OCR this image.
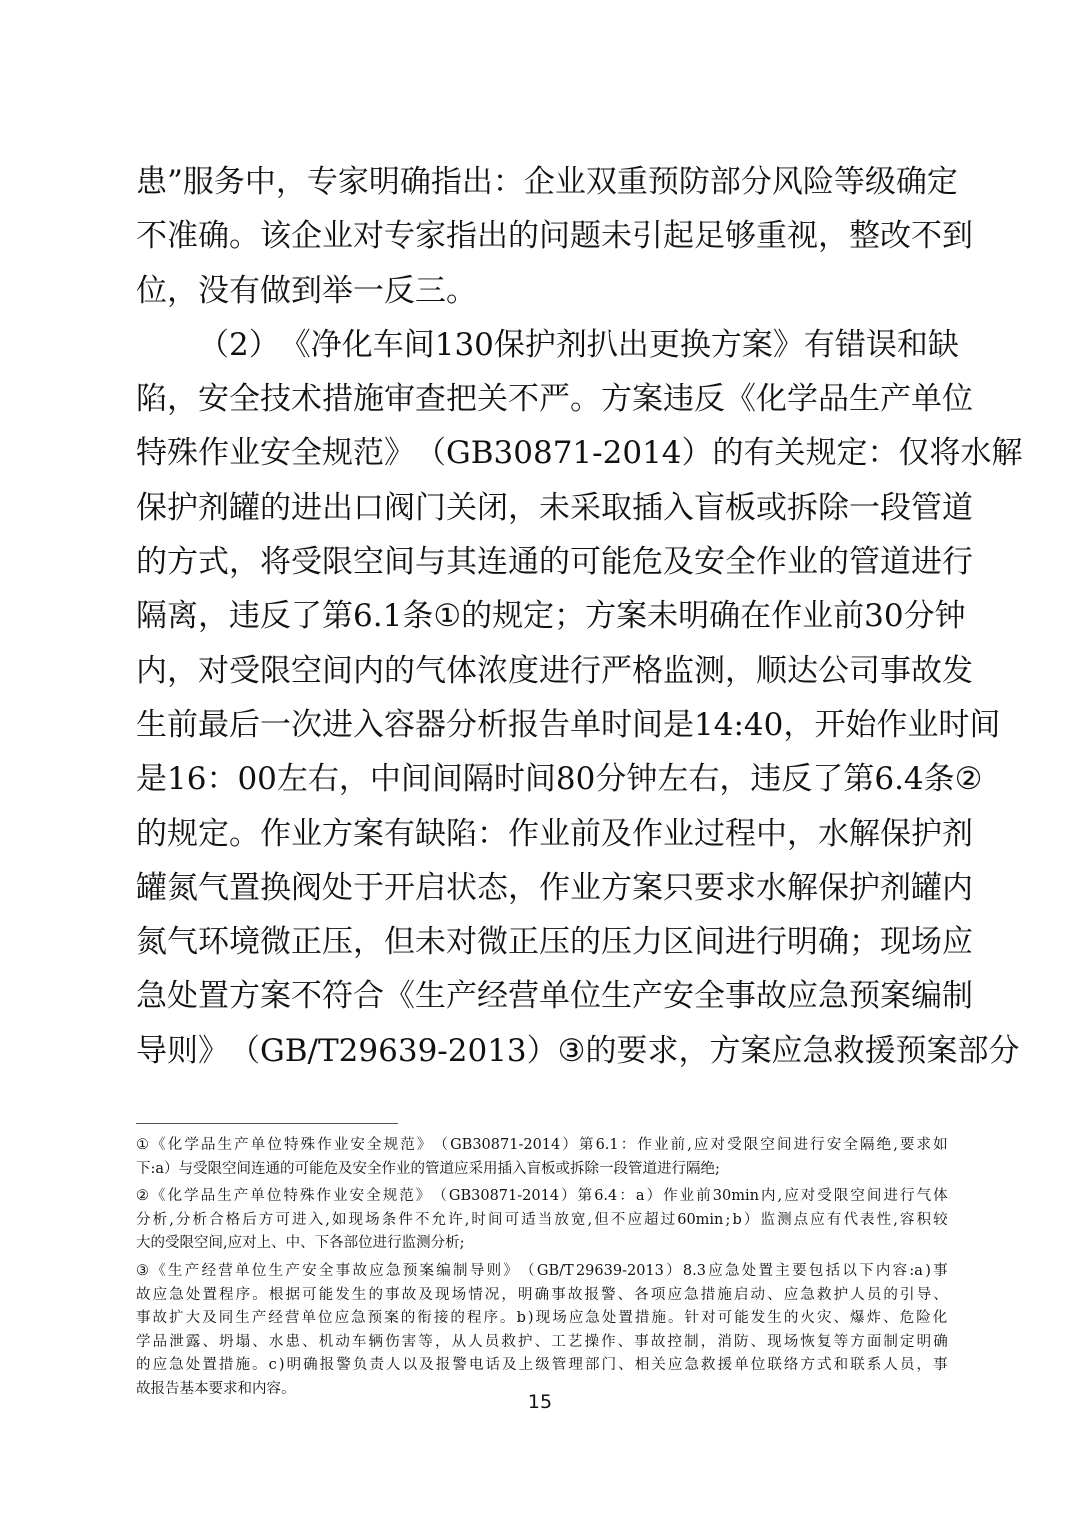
患 ” 服 务 中 ， 专 家 明 确 指 出 ： 企 业 双 重 预 防 部 分 风 险 等 级 确 定
不 准 确 。 该 企 业 对 专 家 指 出 的 问 题 未 引 起 足 够 重 视 ， 整 改 不 到
位，没有做到举一反三。
（ 2 ） 《 净 化 车 间 130 保 护 剂 扒 出 更 换 方 案 》 有 错 误 和 缺
陷 ， 安 全 技 术 措 施 审 查 把 关 不 严 。 方 案 违 反 《 化 学 品 生 产 单 位
特 殊 作 业 安 全 规 范 》 （ GB30871-2014 ） 的 有 关 规 定 ： 仅 将 水 解
保 护 剂 罐 的 进 出 口 阀 门 关 闭 ， 未 采 取 插 入 盲 板 或 拆 除 一 段 管 道
的 方 式 ， 将 受 限 空 间 与 其 连 通 的 可 能 危 及 安 全 作 业 的 管 道 进 行
隔 离 ， 违 反 了 第 6.1 条 ① 的 规 定 ； 方 案 未 明 确 在 作 业 前 30 分 钟
内 ， 对 受 限 空 间 内 的 气 体 浓 度 进 行 严 格 监 测 ， 顺 达 公 司 事 故 发
生 前 最 后 一 次 进 入 容 器 分 析 报 告 单 时 间 是 14:40 ， 开 始 作 业 时 间
是 16 ： 00 左 右 ， 中 间 间 隔 时 间 80 分 钟 左 右 ， 违 反 了 第 6.4 条 ②
的 规 定 。 作 业 方 案 有 缺 陷 ： 作 业 前 及 作 业 过 程 中 ， 水 解 保 护 剂
罐 氮 气 置 换 阀 处 于 开 启 状 态 ， 作 业 方 案 只 要 求 水 解 保 护 剂 罐 内
氮 气 环 境 微 正 压 ， 但 未 对 微 正 压 的 压 力 区 间 进 行 明 确 ； 现 场 应
急 处 置 方 案 不 符 合 《 生 产 经 营 单 位 生 产 安 全 事 故 应 急 预 案 编 制
导 则 》 （ GB/T 29639-2013 ） ③ 的 要 求 ， 方 案 应 急 救 援 预 案 部 分
① 《 化 学 品 生 产 单 位 特 殊 作 业 安 全 规 范 》 （ GB30871-2014 ） 第 6.1 ： 作 业 前 , 应 对 受 限 空 间 进 行 安 全 隔 绝 , 要 求 如
下:a）与受限空间连通的可能危及安全作业的管道应采用插入盲板或拆除一段管道进行隔绝;
② 《 化 学 品 生 产 单 位 特 殊 作 业 安 全 规 范 》 （ GB30871-2014 ） 第 6.4 ： a ） 作 业 前 30min 内 , 应 对 受 限 空 间 进 行 气 体
分 析 , 分 析 合 格 后 方 可 进 入 , 如 现 场 条 件 不 允 许 , 时 间 可 适 当 放 宽 , 但 不 应 超 过 60min ; b ） 监 测 点 应 有 代 表 性 , 容 积 较
大的受限空间,应对上、中、下各部位进行监测分析;
③ 《 生 产 经 营 单 位 生 产 安 全 事 故 应 急 预 案 编 制 导 则 》 （ GB/T 29639-2013 ） 8.3 应 急 处 置 主 要 包 括 以 下 内 容 :a ) 事
故 应 急 处 置 程 序 。 根 据 可 能 发 生 的 事 故 及 现 场 情 况 ， 明 确 事 故 报 警 、 各 项 应 急 措 施 启 动 、 应 急 救 护 人 员 的 引 导 、
事 故 扩 大 及 同 生 产 经 营 单 位 应 急 预 案 的 衔 接 的 程 序 。 b ) 现 场 应 急 处 置 措 施 。 针 对 可 能 发 生 的 火 灾 、 爆 炸 、 危 险 化
学 品 泄 露 、 坍 塌 、 水 患 、 机 动 车 辆 伤 害 等 ， 从 人 员 救 护 、 工 艺 操 作 、 事 故 控 制 ， 消 防 、 现 场 恢 复 等 方 面 制 定 明 确
的 应 急 处 置 措 施 。 c ) 明 确 报 警 负 责 人 以 及 报 警 电 话 及 上 级 管 理 部 门 、 相 关 应 急 救 援 单 位 联 络 方 式 和 联 系 人 员 ， 事
故报告基本要求和内容。
15
